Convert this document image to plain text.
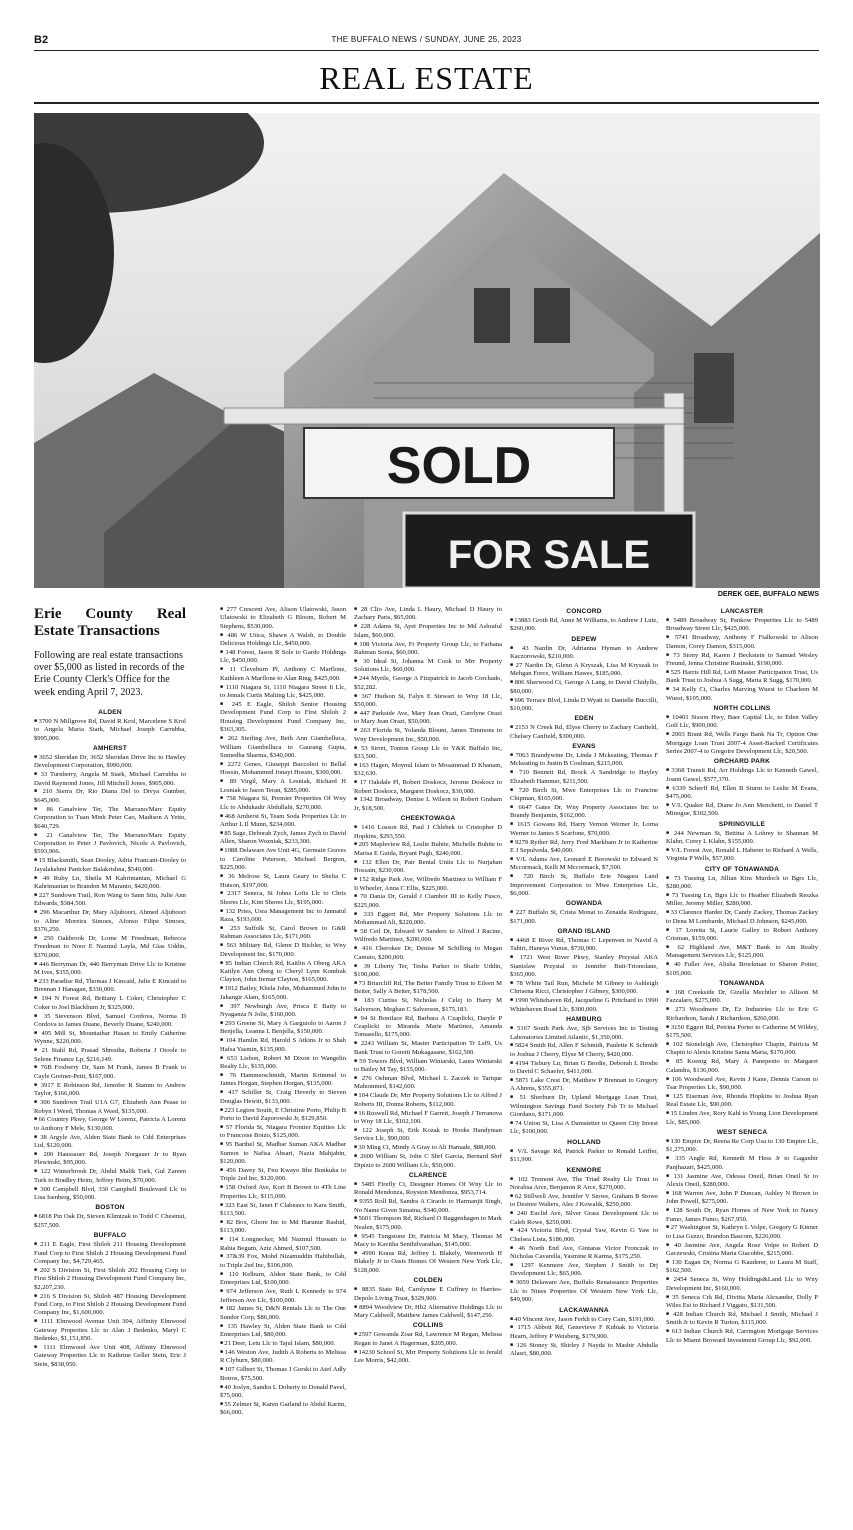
B2	THE BUFFALO NEWS / SUNDAY, JUNE 25, 2023
REAL ESTATE
SOLD
FOR SALE
DEREK GEE, BUFFALO NEWS
Erie County Real Estate Transactions
Following are real estate transactions over $5,000 as listed in records of the Erie County Clerk's Office for the week ending April 7, 2023.
ALDEN

■ 3700 N Millgrove Rd, David R Krol, Marcelene S Krol to Angela Maria Stark, Michael Joseph Carrubba, $995,000.

AMHERST

■ 3652 Sheridan Dr, 3652 Sheridan Drive Inc to Hawley Development Corporation, $990,000.

■ 33 Turnberry, Angela M Stark, Michael Carrubba to David Raymond Jones, Jill Mitchell Jones, $905,000.

■ 210 Sierra Dr, Rio Diana Del to Divya Gumber, $645,000.

■ 86 Canalview Ter, The Marrano/Marc Equity Corporation to Tuan Minh Peter Cao, Madison A Yetto, $640,729.

■ 21 Canalview Ter, The Marrano/Marc Equity Corporation to Peter J Pavlovich, Nicole A Pavlovich, $593,966.

■ 15 Blacksmith, Sean Dooley, Adria Francani-Dooley to Jayalakshmi Panicker Balakrishna, $540,000.

■ 49 Ruby Ln, Sheila M Kahrimanian, Michael G Kahrimanian to Brandon M Maranto, $420,000.

■ 227 Sundown Trail, Ron Wang to Sann Situ, Julie Ann Edwards, $384,500.

■ 296 Macarthur Dr, Mary Aljuboori, Ahmed Aljuboori to Aline Moreira Simoes, Afonso Filipe Simoes, $376,250.

■ 250 Oakbrook Dr, Lorne M Freedman, Rebecca Freedman to Noor E Nazmul Layla, Md Gias Uddin, $370,000.

■ 446 Berryman Dr, 446 Berryman Drive Llc to Kristine M Ives, $355,000.

■ 233 Paradise Rd, Thomas J Kincaid, Julie E Kincaid to Brennan J Hanagan, $330,000.

■ 194 N Forest Rd, Brittany L Coker, Christopher C Coker to Joel Blackburn Jr, $325,000.

■ 35 Stevenson Blvd, Samuel Cordova, Norma D Cordova to James Duane, Beverly Duane, $240,000.

■ 495 Mill St, Mountathar Hasan to Emily Catherine Wynne, $220,000.

■ 21 Stahl Rd, Prasad Shrestha, Roberta J Otoole to Selene Finance Lp, $216,149.

■ 76B Foxberry Dr, Sam M Frank, James B Frank to Cayle Greiner-Petti, $167,000.

■ 3917 E Robinson Rd, Jennifer R Stamm to Andrew Taylor, $166,000.

■ 306 Sundown Trail U1A G7, Elizabeth Ann Pease to Robyn I Weed, Thomas A Weed, $135,000.

■ 66 Country Pkwy, George W Lorenz, Patricia A Lorenz to Anthony F Mele, $130,000.

■ 38 Argyle Ave, Alden State Bank to Cdd Enterprises Ltd, $120,000.

■ 200 Haussauer Rd, Joseph Norgauer Jr to Ryan Plewinski, $95,000.

■ 122 Winterbrook Dr, Abdul Malik Turk, Gul Zareen Turk to Bradley Heim, Jeffrey Heim, $70,000.

■ 300 Campbell Blvd, 330 Campbell Boulevard Llc to Lisa Isenberg, $50,000.

BOSTON

■ 6818 Pin Oak Dr, Steven Klimtzak to Todd C Chestnut, $257,500.

BUFFALO

■ 211 E Eagle, First Shiloh 211 Housing Development Fund Corp to First Shiloh 2 Housing Development Fund Company Inc, $4,729,465.

■ 202 S Division St, First Shiloh 202 Housing Corp to First Shiloh 2 Housing Development Fund Company Inc, $2,207,230.

■ 216 S Division St, Shiloh 487 Housing Development Fund Corp, to First Shiloh 2 Housing Development Fund Company Inc, $1,600,000.

■ 1111 Elmwood Avenue Unit 304, Affinity Elmwood Gateway Properties Llc to Alan J Bedenko, Maryl C Bedenko, $1,151,850.

■ 1111 Elmwood Ave Unit 408, Affinity Elmwood Gateway Properties Llc to Kathrine Geller Stein, Eric J Stein, $838,950.

■ 277 Crescent Ave, Alison Ulatowski, Jason Ulatowski to Elizabeth G Bloom, Robert M Stephens, $530,000.

■ 486 W Utica, Shawn A Walsh, to Double Delicious Holdings Llc, $450,000.

■ 148 Forest, Jason R Sole to Gardo Holdings Llc, $450,000.

■ 11 Cleveburn Pl, Anthony C Marflone, Kathleen A Marflone to Alan Ring, $425,000.

■ 1110 Niagara St, 1110 Niagara Street Ii Llc, to Jemals Curtis Malting Llc, $425,000.

■ 245 E Eagle, Shiloh Senior Housing Development Fund Corp to First Shiloh 2 Housing Development Fund Company Inc, $363,305.

■ 262 Sterling Ave, Beth Ann Giambelluca, William Giambelluca to Gaurang Gupta, Sumedha Sharma, $340,000.

■ 2272 Genes, Giuseppi Buccoleri to Bellal Hossin, Mohammed Jonayt Hossin, $300,000.

■ 89 Virgil, Mary A Lesniak, Richard H Lesniak to Jason Teran, $285,000.

■ 758 Niagara St, Premier Properties Of Wny Llc to Abdukadir Abdullahi, $270,000.

■ 468 Amherst St, Team Soda Properties Llc to Arthur L Il Munn, $234,000.

■ 85 Sage, Deborah Zych, James Zych to David Allen, Sharon Wozniak, $233,300.

■ 1088 Delaware Ave Unit 4G, Germain Graves to Caroline Peterson, Michael Bergren, $225,000.

■ 36 Melrose St, Laura Geary to Shelia C Hutson, $197,000.

■ 2317 Seneca, St Johns Lofts Llc to Chris Shores Llc, Kim Shores Llc, $195,000.

■ 132 Pries, Usra Management Inc to Jannatul Raza, $193,000.

■ 253 Suffolk St, Carol Brown to G&R Rahman Associates Llc, $171,000.

■ 563 Military Rd, Glenn D Bichler, to Wny Development Inc, $170,000.

■ 85 Indian Church Rd, Kaitlin A Oberg AKA Kaitlyn Ann Oberg to Cheryl Lynn Kondrak Clayton, John Iremar Clayton, $165,000.

■ 1912 Bailey, Khela John, Mohammed John to Jahangir Alam, $165,000.

■ 397 Newburgh Ave, Prisca E Baity to Nyaganza N Jolie, $160,000.

■ 293 Greene St, Mary A Garguiolo to Aaron J Benjella, Leanna L Benjella, $150,000.

■ 104 Hamlin Rd, Harold S Atkins Jr to Shah Hafsa Yasmin, $135,000.

■ 653 Lisbon, Robert M Dixon to Wangelin Realty Llc, $135,000.

■ 76 Hammerschmidt, Martin Krimmel to James Horgan, Stephen Horgan, $135,000.

■ 417 Schiller St, Craig Heverly to Steven Douglas Hewitt, $133,000.

■ 223 Legion South, E Christine Porto, Philip B Porto to David Zaporowski Jr, $129,850.

■ 57 Florida St, Niagara Frontier Equities Llc to Francoise Boizo, $125,000.

■ 95 Barthel St, Madbar Suman AKA Madbar Sumon to Nafisa Absari, Nazia Mahjabin, $120,000.

■ 456 Davey St, Fnu Kwayo Ithe Bonkuka to Triple 2ed Inc, $120,000.

■ 158 Oxford Ave, Kori B Brown to 4Th Line Properties Llc, $115,000.

■ 323 East St, Janet F Clabeaux to Kara Smith, $113,500.

■ 82 Box, Ghore Inc to Md Harunur Rashid, $113,000.

■ 114 Longnecker, Md Nazmul Hussain to Rabia Begum, Aziz Ahmed, $107,500.

■ 37&39 Fox, Mohd Nizamuddin Habibullah, to Triple 2ed Inc, $106,000.

■ 110 Kelburn, Alden State Bank, to Cdd Enterprises Ltd, $100,000.

■ 974 Jefferson Ave, Ruth L Kennedy to 974 Jefferson Ave Llc, $100,000.

■ 182 James St, D&N Rentals Llc to The One Sundor Corp, $86,000.

■ 135 Hawley St, Alden State Bank to Cdd Enterprises Ltd, $80,000.

■ 21 Deer, Letu Llc to Tajul Islam, $80,000.

■ 146 Weston Ave, Judith A Roberts to Melissa R Clyburn, $80,000.

■ 107 Gilbert St, Thomas J Gorski to Atef Adly Botros, $75,500.

■ 40 Joslyn, Sandra L Doherty to Donald Pavel, $75,000.

■ 55 Zelmer St, Karen Garland to Abdul Karim, $66,000.

■ 28 Clio Ave, Linda L Haury, Michael D Haury to Zachary Paris, $65,000.

■ 228 Adams St, Ayet Properties Inc to Md Ashraful Islam, $60,000.

■ 108 Victoria Ave, Fr Property Group Llc, to Farhana Rahman Sonia, $60,000.

■ 30 Ideal St, Johanna M Cook to Mrr Property Solutions Llc, $60,000.

■ 244 Myrtle, George A Fitzpatrick to Jacob Corchado, $52,282.

■ 367 Hudson St, Falyn E Stewart to Wny 18 Llc, $50,000.

■ 447 Parkside Ave, Mary Jean Orazi, Carolyne Orazi to Mary Jean Orazi, $50,000.

■ 263 Florida St, Yolanda Blount, James Timmons to Wny Development Inc, $50,000.

■ 53 Sirret, Tonton Group Llc to Y&K Buffalo Inc, $33,500.

■ 163 Hagen, Moynul Islam to Mosammad D Khanam, $32,630.

■ 17 Oakdale Pl, Robert Doskocz, Jerome Doskocz to Robert Doskocz, Margaret Doskocz, $30,000.

■ 1342 Broadway, Denise L Wilson to Robert Graham Jr, $18,500.

CHEEKTOWAGA

■ 1416 Losson Rd, Paul J Chlebek to Cristopher D Hopkins, $293,550.

■ 205 Mapleview Rd, Leslie Buhite, Michelle Buhite to Marisa E Guida, Bryant Pugh, $240,000.

■ 132 Ellen Dr, Pair Rental Units Llc to Nurjahan Hossain, $230,000.

■ 152 Ridge Park Ave, Wilfredo Martinez to William F Ii Wheeler, Anna C Ellis, $225,000.

■ 70 Dania Dr, Gerald J Ciambor III to Kelly Fusco, $225,000.

■ 333 Eggert Rd, Mrr Property Solutions Llc to Mohammad Ali, $220,000.

■ 58 Ceil Dr, Edward W Sanders to Alfred J Racine, Wilfredo Martinez, $200,000.

■ 416 Cherokee Dr, Denise M Schilling to Megan Camuto, $200,000.

■ 39 Liberty Ter, Tesha Parker to Shafir Uddin, $190,000.

■ 73 Briarcliff Rd, The Beiter Family Trust to Eileen M Beiter, Sally A Beiter, $178,500.

■ 183 Curtiss St, Nicholas J Celej to Harry M Salverson, Meghan C Salverson, $175,183.

■ 94 St Boniface Rd, Barbara A Czaplicki, Daryle P Czaplicki to Miranda Marie Martinez, Amanda Tomasello, $175,000.

■ 2243 William St, Master Participation Tr Lsf9, Us Bank Trust to Goretti Mukagasane, $162,500.

■ 59 Towers Blvd, William Winiarski, Laura Winiarski to Bailey M Tay, $155,000.

■ 276 Oehman Blvd, Michael L Zaczek to Tarique Mahommed, $142,600.

■ 104 Claude Dr, Mrr Property Solutions Llc to Alfred J Roberts III, Donna Roberts, $112,000.

■ 16 Roswell Rd, Michael F Garrett, Joseph J Terranova to Wny 18 Llc, $102,100.

■ 122 Joseph St, Erik Kozak to Hooks Handyman Service Llc, $90,000.

■ 30 Ming Ct, Mindy A Gray to Ali Hamade, $88,000.

■ 2600 William St, John C Shrf Garcia, Bernard Shrf Dipizio to 2600 William Llc, $50,000.

CLARENCE

■ 5485 Firefly Ct, Designer Homes Of Wny Llc to Ronald Mendonza, Royston Mendonza, $953,714.

■ 9355 Roll Rd, Sandra A Ciraolo to Harmanjit Singh, No Name Given Sunaina, $340,000.

■ 5601 Thompson Rd, Richard O Buggenhagen to Mark Nealen, $175,000.

■ 9545 Tungstone Dr, Patricia M Macy, Thomas M Macy to Kavitha Senthilvarathan, $145,000.

■ 4990 Kraus Rd, Jeffrey L Blakely, Wentworth H Blakely Jr to Oasis Homes Of Western New York Llc, $128,000.

COLDEN

■ 8835 State Rd, Carolynne E Cuffney to Harries-Depolo Living Trust, $329,900.

■ 8894 Woodview Dr, Hb2 Alternative Holdings Llc to Mary Caldwell, Matthew James Caldwell, $147,250.

COLLINS

■ 2597 Gowanda Zoar Rd, Lawrence M Regan, Melissa Regan to Janet A Hagerman, $205,000.

■ 14230 School St, Mrr Property Solutions Llc to Jerald Lee Morris, $42,000.

CONCORD

■ 13883 Groth Rd, Anne M Williams, to Andrew J Lutz, $260,000.

DEPEW

■ 43 Nardin Dr, Adrianna Hyman to Andrew Kaczorowski, $210,000.

■ 27 Nardin Dr, Glenn A Kryszak, Lisa M Kryszak to Mehgan Force, William Hawes, $185,000.

■ 806 Sherwood Ct, George A Lang, to David Chidyllo, $80,000.

■ 696 Terrace Blvd, Linda D Wyatt to Danielle Buccilli, $10,000.

EDEN

■ 2153 N Creek Rd, Elyse Cherry to Zachary Canfield, Chelsey Canfield, $300,000.

EVANS

■ 7063 Brandywine Dr, Linda J Mckeating, Thomas F Mckeating to Justin B Coulman, $215,000.

■ 710 Bennett Rd, Brock A Sandridge to Hayley Elizabeth Hammer, $211,500.

■ 720 Birch St, Mwe Enterprises Llc to Francine Chipman, $165,000.

■ 6647 Gates Dr, Wny Property Associates Inc to Brandy Benjamin, $162,000.

■ 1615 Gowans Rd, Harry Vernon Werner Jr, Lorna Werner to James S Scarfone, $70,000.

■ 9279 Ryther Rd, Jerry Fred Markham Jr to Katherine E J Sepulveda, $40,000.

■ V/L Adams Ave, Leonard E Borowski to Edward N Mccormack, Kelli M Mccormack, $7,500.

■ 720 Birch St, Buffalo Erie Niagara Land Improvement Corporation to Mwe Enterprises Llc, $6,000.

GOWANDA

■ 227 Buffalo St, Crista Monat to Zenaida Rodriguez, $171,000.

GRAND ISLAND

■ 4468 E River Rd, Thomas C Lepenven to Navid A Tahiri, Haneya Vunus, $730,000.

■ 1721 West River Pkwy, Stanley Przystal AKA Stanislaw Przystal to Jennifer Butt-Trionolane, $365,000.

■ 78 White Tail Run, Michele M Gibney to Ashleigh Chrisena Ricci, Christopher J Gibney, $300,000.

■ 1990 Whitehaven Rd, Jacqueline G Pritchard to 1990 Whitehaven Road Llc, $300,000.

HAMBURG

■ 5167 South Park Ave, Sjb Services Inc to Testing Laboratories Limited Atlantic, $1,350,000.

■ 5824 Smith Rd, Allen F Schmidt, Paulette K Schmidt to Joshua J Cherry, Elyse M Cherry, $420,000.

■ 4194 Tisbury Ln, Brian G Brodie, Deborah L Brodie to David C Schaefer, $411,000.

■ 5871 Lake Crest Dr, Matthew P Brennan to Gregory A Ahrens, $355,871.

■ 51 Sherburn Dr, Upland Mortgage Loan Trust, Wilmington Savings Fund Society Fsb Tr to Michael Giordano, $171,000.

■ 74 Union St, Lisa A Damstetter to Queen City Invest Llc, $100,000.

HOLLAND

■ V/L Savage Rd, Patrick Parker to Ronald Leiffer, $11,900.

KENMORE

■ 102 Tremont Ave, The Triad Realty Llc Trust to Noralisa Arce, Benjamin R Arce, $270,000.

■ 62 Stillwell Ave, Jennifer V Stowe, Graham B Stowe to Desiree Walters, Alec J Kowalik, $250,000.

■ 240 Euclid Ave, Silver Grass Development Llc to Caleb Rowe, $250,000.

■ 424 Victoria Blvd, Crystal Yaw, Kevin G Yaw to Chelsea Lista, $186,000.

■ 46 North End Ave, Gintaras Victor Fronczak to Nicholas Cavarella, Yasmine R Karma, $175,250.

■ 1297 Kenmore Ave, Stephen J Smith to Drj Development Llc, $65,000.

■ 3059 Delaware Ave, Buffalo Renaissance Properties Llc to Nines Properties Of Western New York Llc, $49,900.

LACKAWANNA

■ 40 Vincent Ave, Jason Ferkh to Cory Cain, $191,000.

■ 1715 Abbott Rd, Genevieve F Kubiak to Victoria Hearn, Jeffrey P Weisberg, $179,900.

■ 126 Stoney St, Shirley J Nayda to Mashir Abdulla Alasri, $80,000.

LANCASTER

■ 5489 Broadway St, Pankow Properties Llc to 5489 Broadway Street Llc, $425,000.

■ 5741 Broadway, Anthony F Fialkowski to Alison Damon, Corey Damon, $315,000.

■ 73 Stony Rd, Karen J Beckstein to Samuel Wesley Freund, Jenna Christine Rusinski, $190,000.

■ 525 Harris Hill Rd, Lsf8 Master Participation Trust, Us Bank Trust to Joshua A Sugg, Maria R Sugg, $170,000.

■ 34 Kelly Ct, Charles Marving Wuest to Charleen M Wuest, $105,000.

NORTH COLLINS

■ 10401 Sisson Hwy, Baer Capital Llc, to Eden Valley Golf Llc, $900,000.

■ 2003 Brant Rd, Wells Fargo Bank Na Tr, Option One Mortgage Loan Trust 2007-4 Asset-Backed Certificates Series 2007-4 to Gregoire Development Llc, $20,500.

ORCHARD PARK

■ 3368 Transit Rd, Arr Holdings Llc to Kenneth Gawel, Joann Gawel, $577,370.

■ 6339 Scherff Rd, Ellen B Sturm to Leslie M Evans, $475,000.

■ V/L Quaker Rd, Diane Jo Ann Menchetti, to Daniel T Minogue, $302,500.

SPRINGVILLE

■ 244 Newman St, Bettina A Lohrey to Shannan M Klahn, Corey L Klahn, $155,000.

■ V/L Forest Ave, Ronald L Haberer to Richard A Wells, Virginia P Wells, $57,000.

CITY OF TONAWANDA

■ 73 Tussing Ln, Jillian Kim Murdoch to Bgrs Llc, $280,000.

■ 73 Tussing Ln, Bgrs Llc to Heather Elizabeth Reszka Miller, Jeremy Miller, $280,000.

■ 33 Clarence Harder Dr, Candy Zackey, Thomas Zackey to Dena M Lombardo, Michael D Johnson, $245,000.

■ 17 Loretta St, Laurie Galley to Robert Anthony Crisman, $159,000.

■ 62 Highland Ave, M&T Bank to Am Realty Management Services Llc, $125,000.

■ 40 Fuller Ave, Alisha Brockman to Sharon Potter, $105,000.

TONAWANDA

■ 168 Creekside Dr, Gizella Mechtler to Allison M Fazzalaro, $275,000.

■ 273 Woodmere Dr, Ez Industries Llc to Eric G Richardson, Sarah J Richardson, $260,000.

■ 3150 Eggert Rd, Petrina Porter to Catherine M Wildey, $175,500.

■ 102 Stoneleigh Ave, Christopher Chapin, Patricia M Chapin to Alexis Kristine Santa Maria, $170,000.

■ 85 Koenig Rd, Mary A Panepento to Margaret Calandra, $136,000.

■ 106 Woodward Ave, Kevin J Kane, Dennis Carson to Tsar Properties Llc, $90,000.

■ 125 Eiseman Ave, Rhonda Hopkins to Joshua Ryan Real Estate Llc, $90,000.

■ 15 Linden Ave, Rory Kahl to Young Lion Development Llc, $85,000.

WEST SENECA

■ 130 Empire Dr, Reena Re Corp Usa to 130 Empire Llc, $1,275,000.

■ 335 Angle Rd, Kenneth M Hess Jr to Gaganbir Panjhazari, $425,000.

■ 131 Jasmine Ave, Odessa Oneil, Brian Oneil Sr to Alexis Oneil, $280,000.

■ 168 Warren Ave, John P Duncan, Ashley N Brown to John Powell, $275,000.

■ 128 South Dr, Ryan Homes of New York to Nancy Fumo, James Fumo, $267,950.

■ 27 Washington St, Kathryn L Volpe, Gregory G Kinner to Lisa Guzzo, Brandon Bascom, $226,000.

■ 40 Jasmine Ave, Angela Rose Volpe to Robert D Gaczewski, Cristina Maria Giacobbe, $215,000.

■ 130 Eagan Dr, Norma G Kauderer, to Laura M Staff, $162,500.

■ 2454 Seneca St, Wny Holdings&Land Llc to Wny Development Inc, $160,000.

■ 35 Seneca Crk Rd, Divitta Maria Alexander, Dolly P Wiles Est to Richard J Viggato, $131,500.

■ 428 Indian Church Rd, Michael J Smith, Michael J Smith Jr to Kevin R Turton, $115,000.

■ 613 Indian Church Rd, Carrington Mortgage Services Llc to Miami Broward Investment Group Llc, $92,000.
